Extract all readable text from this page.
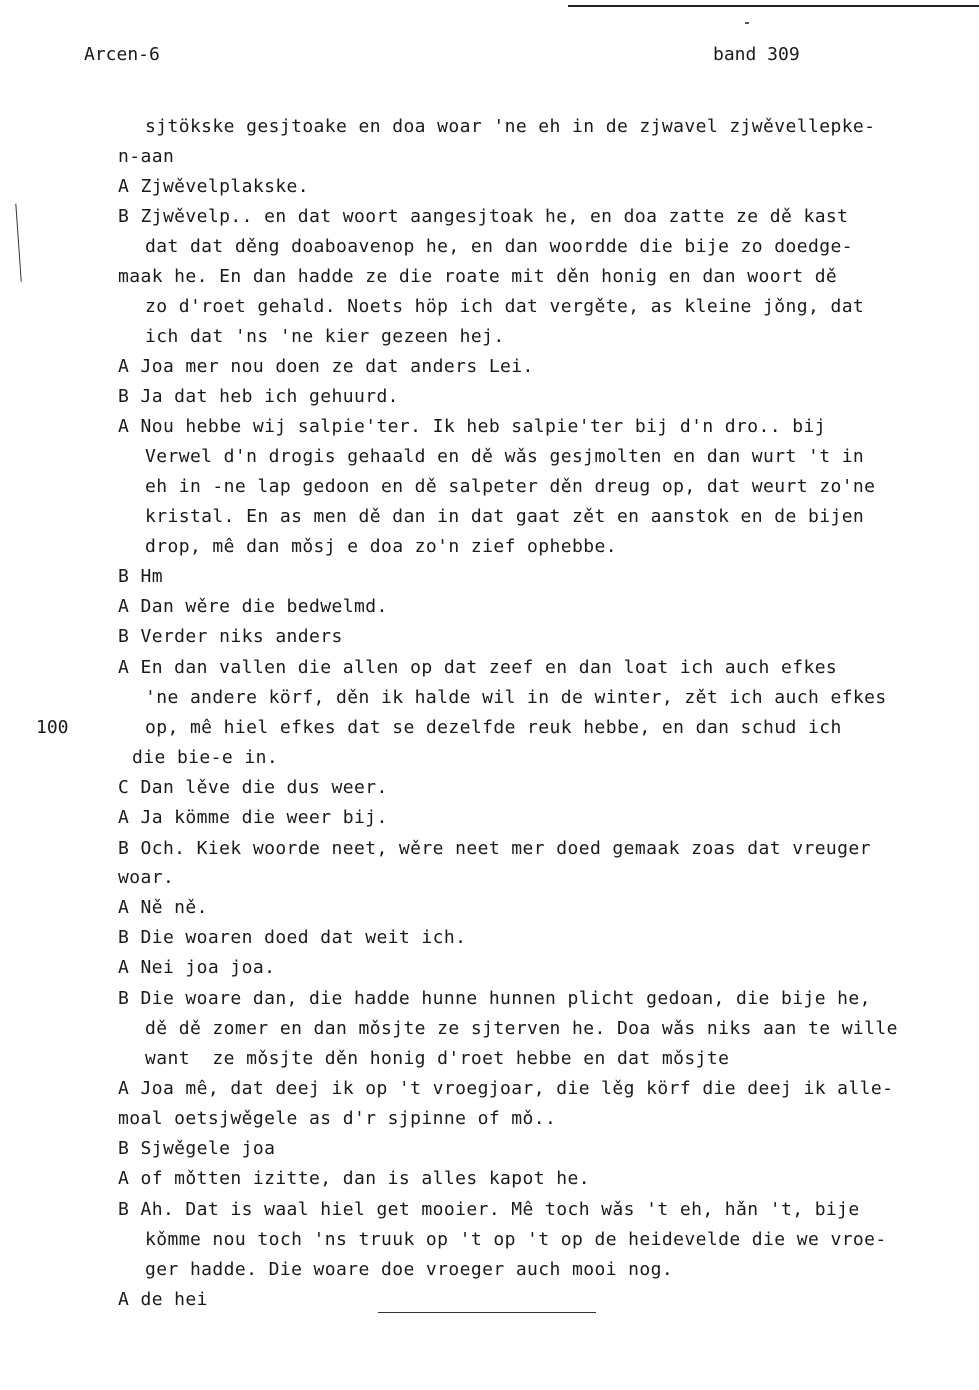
Arcen-6	band 309
100
sjtökske gesjtoake en doa woar 'ne eh in de zjwavel zjwěvellepke-
n-aan
A Zjwěvelplakske.
B Zjwěvelp.. en dat woort aangesjtoak he, en doa zatte ze dě kast
dat dat děng doaboavenop he, en dan woordde die bije zo doedge-
maak he. En dan hadde ze die roate mit děn honig en dan woort dě
zo d'roet gehald. Noets höp ich dat vergěte, as kleine jǒng, dat
ich dat 'ns 'ne kier gezeen hej.
A Joa mer nou doen ze dat anders Lei.
B Ja dat heb ich gehuurd.
A Nou hebbe wij salpie'ter. Ik heb salpie'ter bij d'n dro.. bij
Verwel d'n drogis gehaald en dě wǎs gesjmolten en dan wurt 't in
eh in -ne lap gedoon en dě salpeter děn dreug op, dat weurt zo'ne
kristal. En as men dě dan in dat gaat zět en aanstok en de bijen
drop, mê dan mǒsj e doa zo'n zief ophebbe.
B Hm
A Dan wěre die bedwelmd.
B Verder niks anders
A En dan vallen die allen op dat zeef en dan loat ich auch efkes
'ne andere körf, děn ik halde wil in de winter, zět ich auch efkes
op, mê hiel efkes dat se dezelfde reuk hebbe, en dan schud ich
die bie-e in.
C Dan lěve die dus weer.
A Ja kömme die weer bij.
B Och. Kiek woorde neet, wěre neet mer doed gemaak zoas dat vreuger
woar.
A Ně ně.
B Die woaren doed dat weit ich.
A Nei joa joa.
B Die woare dan, die hadde hunne hunnen plicht gedoan, die bije he,
dě dě zomer en dan mǒsjte ze sjterven he. Doa wǎs niks aan te wille
want  ze mǒsjte děn honig d'roet hebbe en dat mǒsjte
A Joa mê, dat deej ik op 't vroegjoar, die lěg körf die deej ik alle-
moal oetsjwěgele as d'r sjpinne of mǒ..
B Sjwěgele joa
A of mǒtten izitte, dan is alles kapot he.
B Ah. Dat is waal hiel get mooier. Mê toch wǎs 't eh, hǎn 't, bije
kǒmme nou toch 'ns truuk op 't op 't op de heidevelde die we vroe-
ger hadde. Die woare doe vroeger auch mooi nog.
A de hei
